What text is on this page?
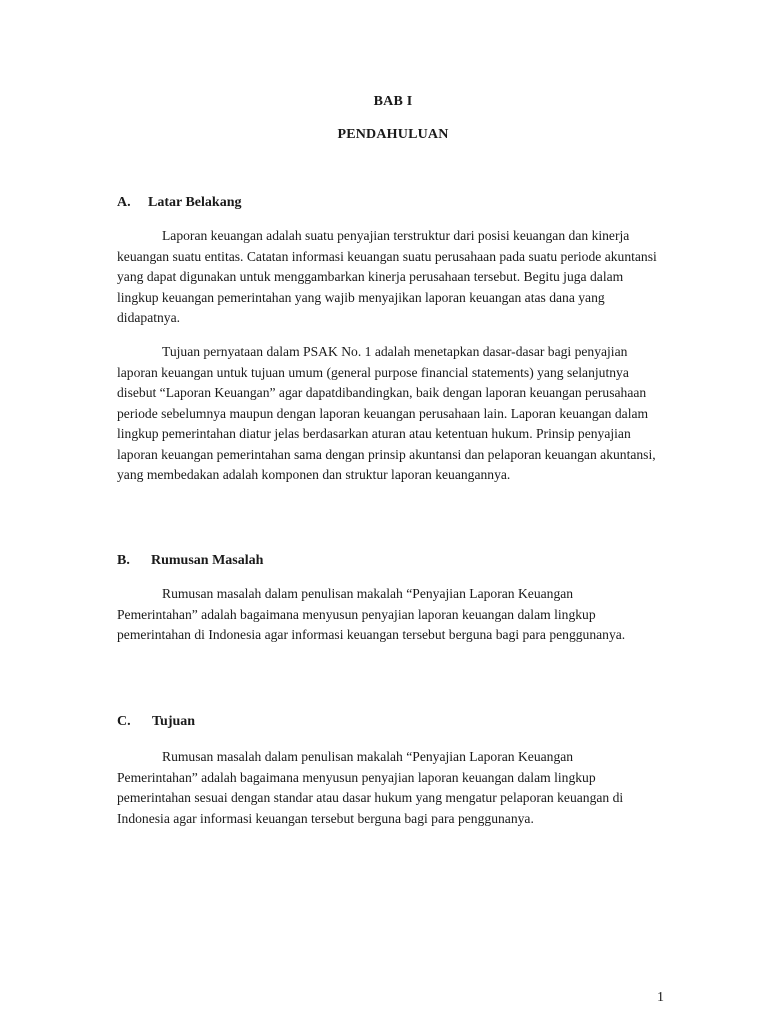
BAB I
PENDAHULUAN
A. Latar Belakang

Laporan keuangan adalah suatu penyajian terstruktur dari posisi keuangan dan kinerja keuangan suatu entitas. Catatan informasi keuangan suatu perusahaan pada suatu periode akuntansi yang dapat digunakan untuk menggambarkan kinerja perusahaan tersebut. Begitu juga dalam lingkup keuangan pemerintahan yang wajib menyajikan laporan keuangan atas dana yang didapatnya.

Tujuan pernyataan dalam PSAK No. 1 adalah menetapkan dasar-dasar bagi penyajian laporan keuangan untuk tujuan umum (general purpose financial statements) yang selanjutnya disebut “Laporan Keuangan” agar dapatdibandingkan, baik dengan laporan keuangan perusahaan periode sebelumnya maupun dengan laporan keuangan perusahaan lain. Laporan keuangan dalam lingkup pemerintahan diatur jelas berdasarkan aturan atau ketentuan hukum. Prinsip penyajian laporan keuangan pemerintahan sama dengan prinsip akuntansi dan pelaporan keuangan akuntansi, yang membedakan adalah komponen dan struktur laporan keuangannya.

B. Rumusan Masalah

Rumusan masalah dalam penulisan makalah “Penyajian Laporan Keuangan Pemerintahan” adalah bagaimana menyusun penyajian laporan keuangan dalam lingkup pemerintahan di Indonesia agar informasi keuangan tersebut berguna bagi para penggunanya.

C. Tujuan

Rumusan masalah dalam penulisan makalah “Penyajian Laporan Keuangan Pemerintahan” adalah bagaimana menyusun penyajian laporan keuangan dalam lingkup pemerintahan sesuai dengan standar atau dasar hukum yang mengatur pelaporan keuangan di Indonesia agar informasi keuangan tersebut berguna bagi para penggunanya.

1
